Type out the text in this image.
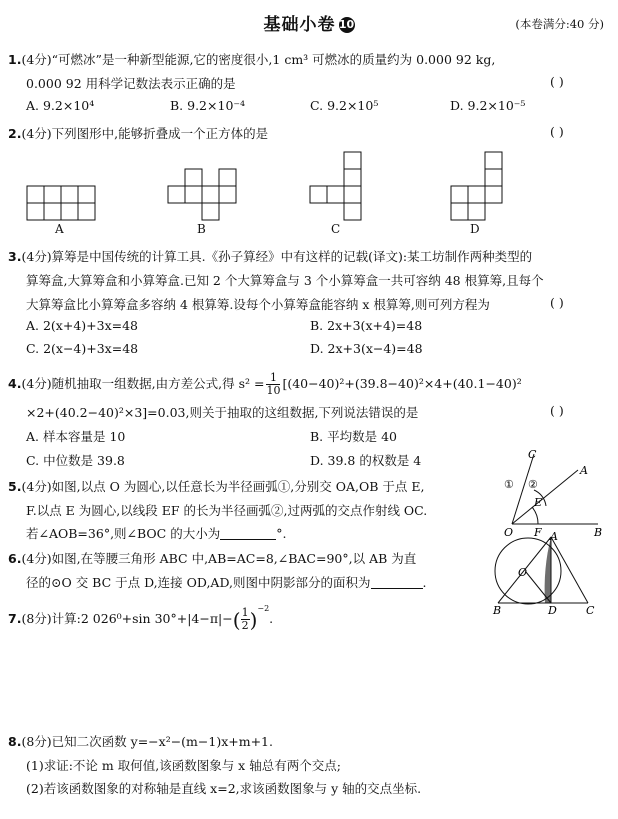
基础小卷 10	(本卷满分:40 分)
1.(4分)“可燃冰”是一种新型能源,它的密度很小,1 cm³ 可燃冰的质量约为 0.000 92 kg,
0.000 92 用科学记数法表示正确的是	( )
A. 9.2×10⁴	B. 9.2×10⁻⁴	C. 9.2×10⁵	D. 9.2×10⁻⁵
2.(4分)下列图形中,能够折叠成一个正方体的是	( )
A	B	C	D
3.(4分)算筹是中国传统的计算工具.《孙子算经》中有这样的记载(译文):某工坊制作两种类型的
算筹盒,大算筹盒和小算筹盒.已知 2 个大算筹盒与 3 个小算筹盒一共可容纳 48 根算筹,且每个
大算筹盒比小算筹盒多容纳 4 根算筹.设每个小算筹盒能容纳 x 根算筹,则可列方程为	( )
A. 2(x+4)+3x=48	B. 2x+3(x+4)=48
C. 2(x−4)+3x=48	D. 2x+3(x−4)=48
4.(4分)随机抽取一组数据,由方差公式,得 $s^2 = \frac{1}{10} [(40-40)^2+(39.8-40)^2\times 4+(40.1-40)^2$
×2+(40.2−40)²×3]=0.03,则关于抽取的这组数据,下列说法错误的是	( )
A. 样本容量是 10	B. 平均数是 40
C. 中位数是 39.8	D. 39.8 的权数是 4
5.(4分)如图,以点 O 为圆心,以任意长为半径画弧①,分别交 OA,OB 于点 E,
F.以点 E 为圆心,以线段 EF 的长为半径画弧②,过两弧的交点作射线 OC.
若∠AOB=36°,则∠BOC 的大小为	°.
C
A
① ②
E
O F	B
6.(4分)如图,在等腰三角形 ABC 中,AB=AC=8,∠BAC=90°,以 AB 为直
径的⊙O 交 BC 于点 D,连接 OD,AD,则图中阴影部分的面积为	.
A
O
B	D	C
7.(8分)计算:2 026⁰+sin $30^\circ+|4-\pi|-( \frac{1}{2} )^{-2}$.
8.(8分)已知二次函数 y=−x²−(m−1)x+m+1.
(1)求证:不论 m 取何值,该函数图象与 x 轴总有两个交点;
(2)若该函数图象的对称轴是直线 x=2,求该函数图象与 y 轴的交点坐标.
